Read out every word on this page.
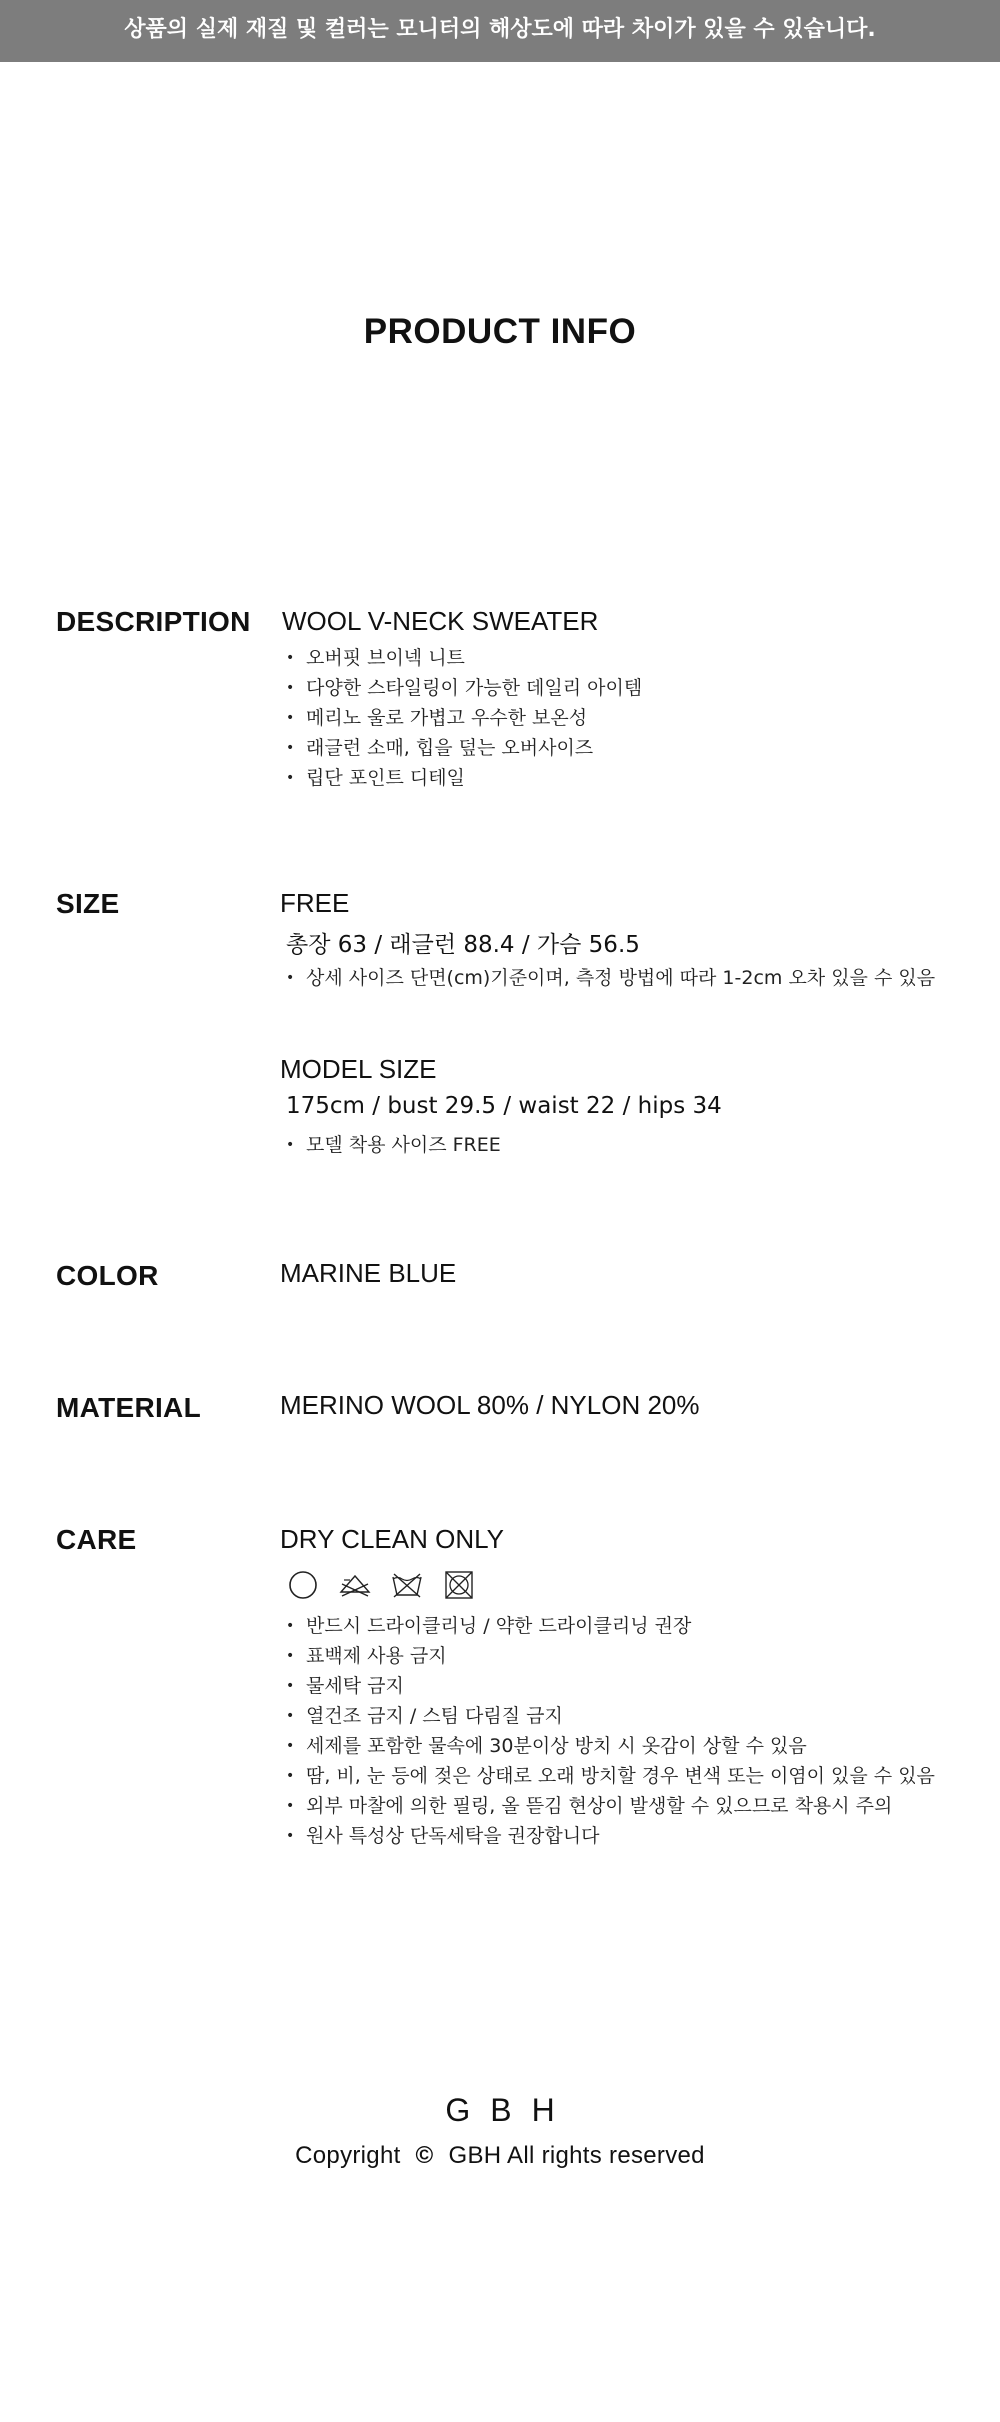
상품의 실제 재질 및 컬러는 모니터의 해상도에 따라 차이가 있을 수 있습니다.
PRODUCT INFO
DESCRIPTION WOOL V-NECK SWEATER
• 오버핏 브이넥 니트
• 다양한 스타일링이 가능한 데일리 아이템
• 메리노 울로 가볍고 우수한 보온성
• 래글런 소매, 힙을 덮는 오버사이즈
• 립단 포인트 디테일
SIZE	FREE
총장 63 / 래글런 88.4 / 가슴 56.5
• 상세 사이즈 단면(cm)기준이며, 측정 방법에 따라 1-2cm 오차 있을 수 있음
MODEL SIZE
175cm / bust 29.5 / waist 22 / hips 34
• 모델 착용 사이즈 FREE
COLOR	MARINE BLUE
MATERIAL	MERINO WOOL 80% / NYLON 20%
CARE	DRY CLEAN ONLY
• 반드시 드라이클리닝 / 약한 드라이클리닝 권장
• 표백제 사용 금지
• 물세탁 금지
• 열건조 금지 / 스팀 다림질 금지
• 세제를 포함한 물속에 30분이상 방치 시 옷감이 상할 수 있음
• 땀, 비, 눈 등에 젖은 상태로 오래 방치할 경우 변색 또는 이염이 있을 수 있음
• 외부 마찰에 의한 필링, 올 뜯김 현상이 발생할 수 있으므로 착용시 주의
• 원사 특성상 단독세탁을 권장합니다
GBH
Copyright © GBH All rights reserved
